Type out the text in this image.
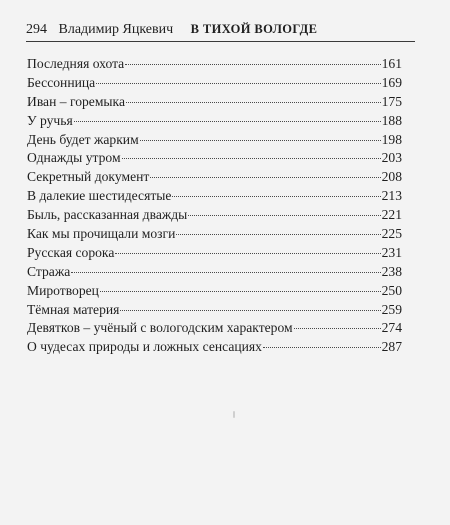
294 Владимир Яцкевич В ТИХОЙ ВОЛОГДЕ
Последняя охота	161
Бессонница	169
Иван – горемыка	175
У ручья	188
День будет жарким	198
Однажды утром	203
Секретный документ	208
В далекие шестидесятые	213
Быль, рассказанная дважды	221
Как мы прочищали мозги	225
Русская сорока	231
Стража	238
Миротворец	250
Тёмная материя	259
Девятков – учёный с вологодским характером	274
О чудесах природы и ложных сенсациях	287
